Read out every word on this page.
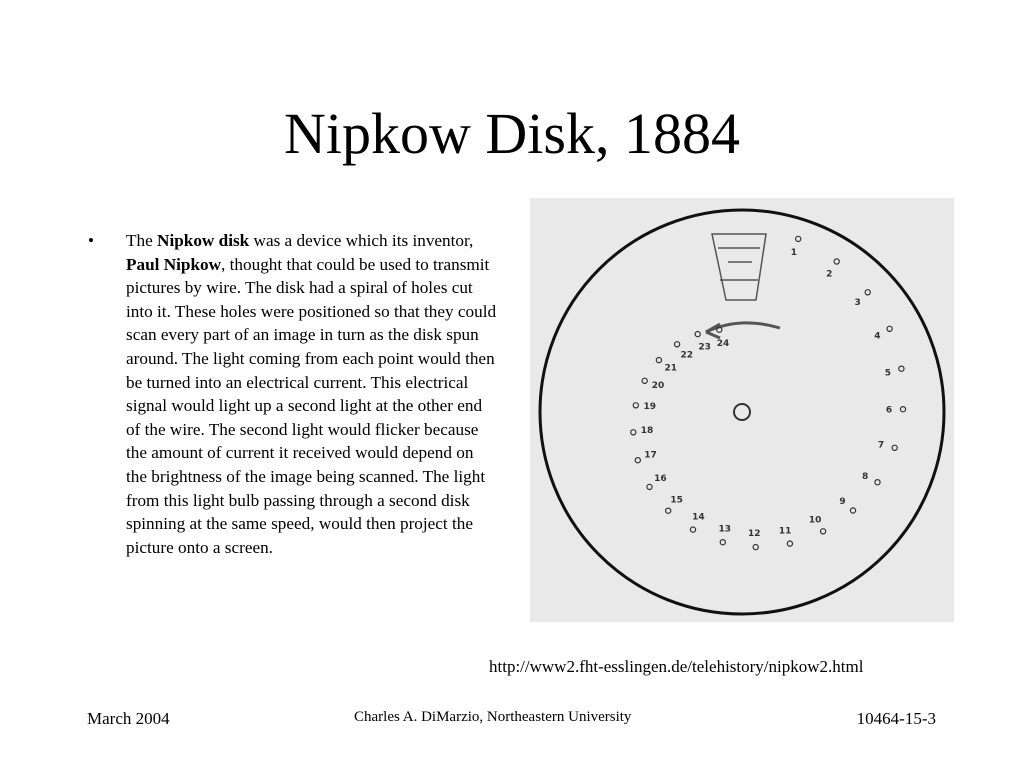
Nipkow Disk, 1884
• The Nipkow disk was a device which its inventor, Paul Nipkow, thought that could be used to transmit pictures by wire. The disk had a spiral of holes cut into it. These holes were positioned so that they could scan every part of an image in turn as the disk spun around. The light coming from each point would then be turned into an electrical current. This electrical signal would light up a second light at the other end of the wire. The second light would flicker because the amount of current it received would depend on the brightness of the image being scanned. The light from this light bulb passing through a second disk spinning at the same speed, would then project the picture onto a screen.
1
2
3
4
5
6
7
8
9
10
11
12
13
14
15
16
17
18
19
20
21
22
23 24
http://www2.fht-esslingen.de/telehistory/nipkow2.html
March 2004	Charles A. DiMarzio, Northeastern University	10464-15-3
